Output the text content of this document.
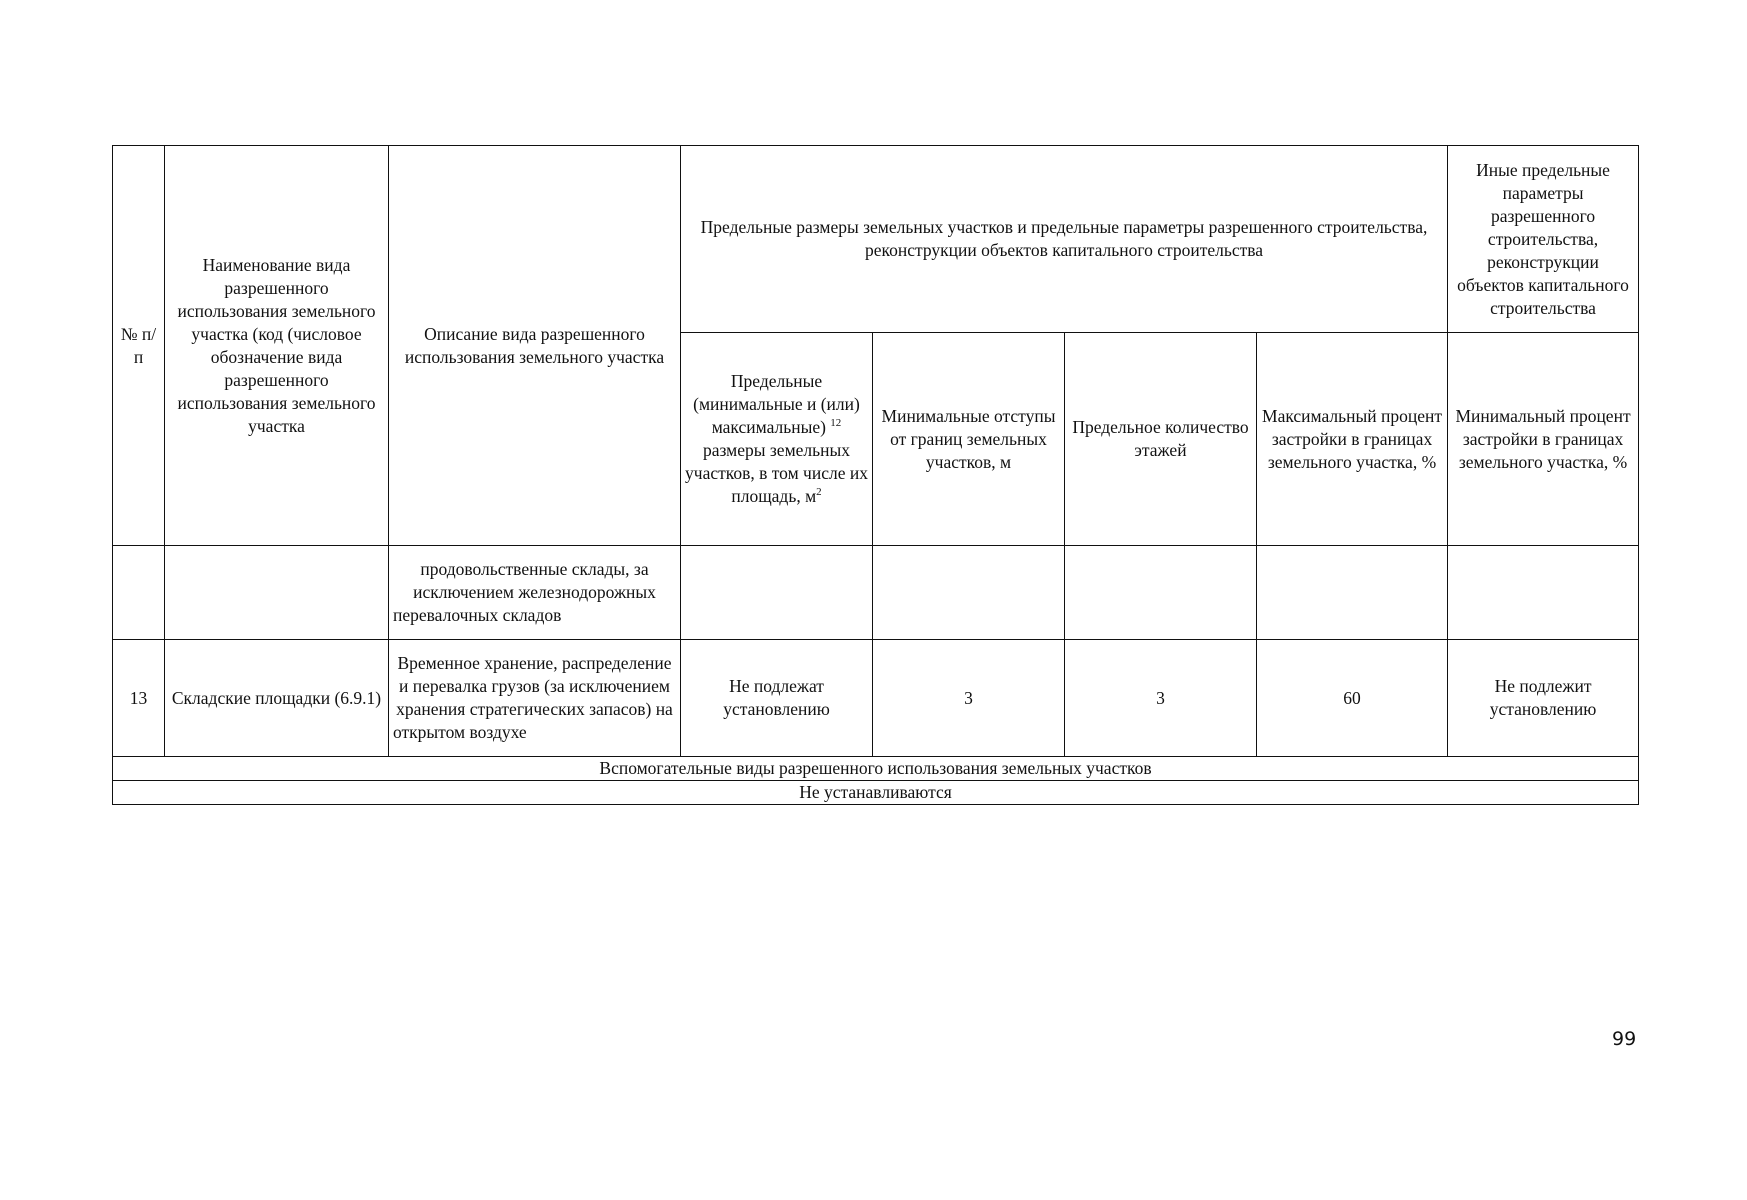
№ п/п	Наименование вида разрешенного использования земельного участка (код (числовое обозначение вида разрешенного использования земельного участка	Описание вида разрешенного использования земельного участка	Предельные размеры земельных участков и предельные параметры разрешенного строительства, реконструкции объектов капитального строительства				Иные предельные параметры разрешенного строительства, реконструкции объектов капитального строительства
			Предельные (минимальные и (или) максимальные) $^{12}$ размеры земельных участков, в том числе их площадь, $м^2$	Минимальные отступы от границ земельных участков, м	Предельное количество этажей	Максимальный процент застройки в границах земельного участка, %	Минимальный процент застройки в границах земельного участка, %
		продовольственные склады, за исключением железнодорожных перевалочных складов					
13	Складские площадки (6.9.1)	Временное хранение, распределение и перевалка грузов (за исключением хранения стратегических запасов) на открытом воздухе	Не подлежат установлению	3	3	60	Не подлежит установлению
Вспомогательные виды разрешенного использования земельных участков							
Не устанавливаются							
99
